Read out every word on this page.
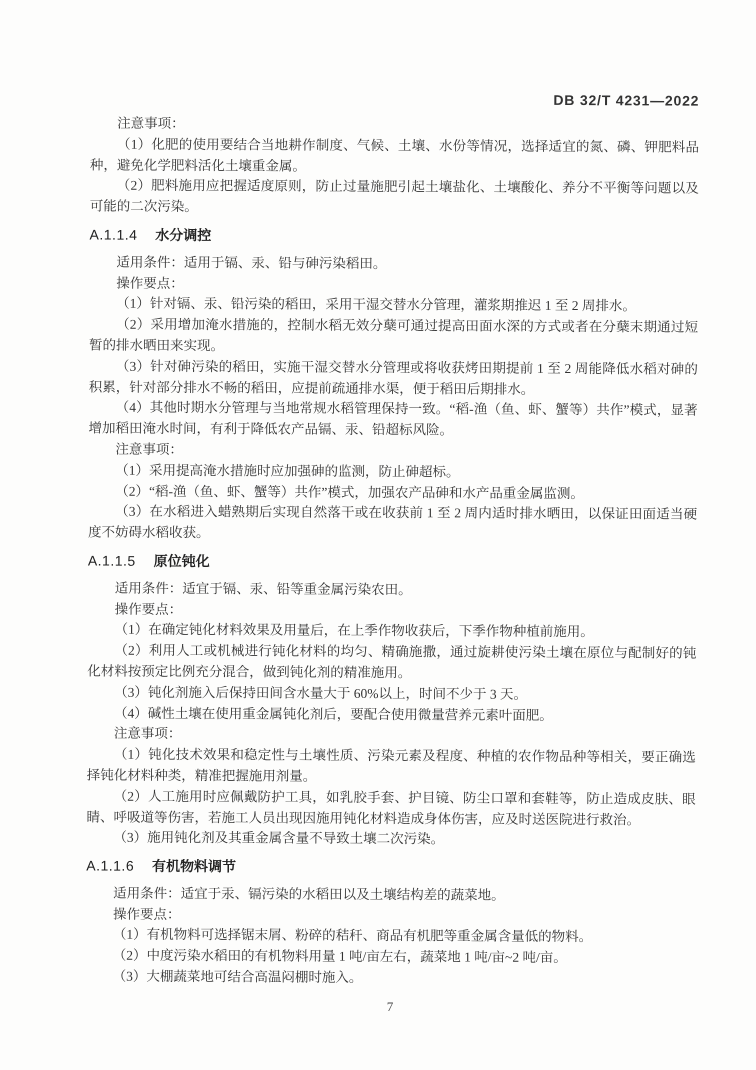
DB 32/T 4231—2022

注意事项：

（1）化肥的使用要结合当地耕作制度、气候、土壤、水份等情况，选择适宜的氮、磷、钾肥料品种，避免化学肥料活化土壤重金属。

（2）肥料施用应把握适度原则，防止过量施肥引起土壤盐化、土壤酸化、养分不平衡等问题以及可能的二次污染。

A.1.1.4 水分调控

适用条件：适用于镉、汞、铅与砷污染稻田。

操作要点：

（1）针对镉、汞、铅污染的稻田，采用干湿交替水分管理，灌浆期推迟 1 至 2 周排水。

（2）采用增加淹水措施的，控制水稻无效分蘖可通过提高田面水深的方式或者在分蘖末期通过短暂的排水晒田来实现。

（3）针对砷污染的稻田，实施干湿交替水分管理或将收获烤田期提前 1 至 2 周能降低水稻对砷的积累，针对部分排水不畅的稻田，应提前疏通排水渠，便于稻田后期排水。

（4）其他时期水分管理与当地常规水稻管理保持一致。“稻-渔（鱼、虾、蟹等）共作”模式，显著增加稻田淹水时间，有利于降低农产品镉、汞、铅超标风险。

注意事项：

（1）采用提高淹水措施时应加强砷的监测，防止砷超标。

（2）“稻-渔（鱼、虾、蟹等）共作”模式，加强农产品砷和水产品重金属监测。

（3）在水稻进入蜡熟期后实现自然落干或在收获前 1 至 2 周内适时排水晒田，以保证田面适当硬度不妨碍水稻收获。

A.1.1.5 原位钝化

适用条件：适宜于镉、汞、铅等重金属污染农田。

操作要点：

（1）在确定钝化材料效果及用量后，在上季作物收获后，下季作物种植前施用。

（2）利用人工或机械进行钝化材料的均匀、精确施撒，通过旋耕使污染土壤在原位与配制好的钝化材料按预定比例充分混合，做到钝化剂的精准施用。

（3）钝化剂施入后保持田间含水量大于 60%以上，时间不少于 3 天。

（4）碱性土壤在使用重金属钝化剂后，要配合使用微量营养元素叶面肥。

注意事项：

（1）钝化技术效果和稳定性与土壤性质、污染元素及程度、种植的农作物品种等相关，要正确选择钝化材料种类，精准把握施用剂量。

（2）人工施用时应佩戴防护工具，如乳胶手套、护目镜、防尘口罩和套鞋等，防止造成皮肤、眼睛、呼吸道等伤害，若施工人员出现因施用钝化材料造成身体伤害，应及时送医院进行救治。

（3）施用钝化剂及其重金属含量不导致土壤二次污染。

A.1.1.6 有机物料调节

适用条件：适宜于汞、镉污染的水稻田以及土壤结构差的蔬菜地。

操作要点：

（1）有机物料可选择锯末屑、粉碎的秸秆、商品有机肥等重金属含量低的物料。

（2）中度污染水稻田的有机物料用量 1 吨/亩左右，蔬菜地 1 吨/亩~2 吨/亩。

（3）大棚蔬菜地可结合高温闷棚时施入。

7
